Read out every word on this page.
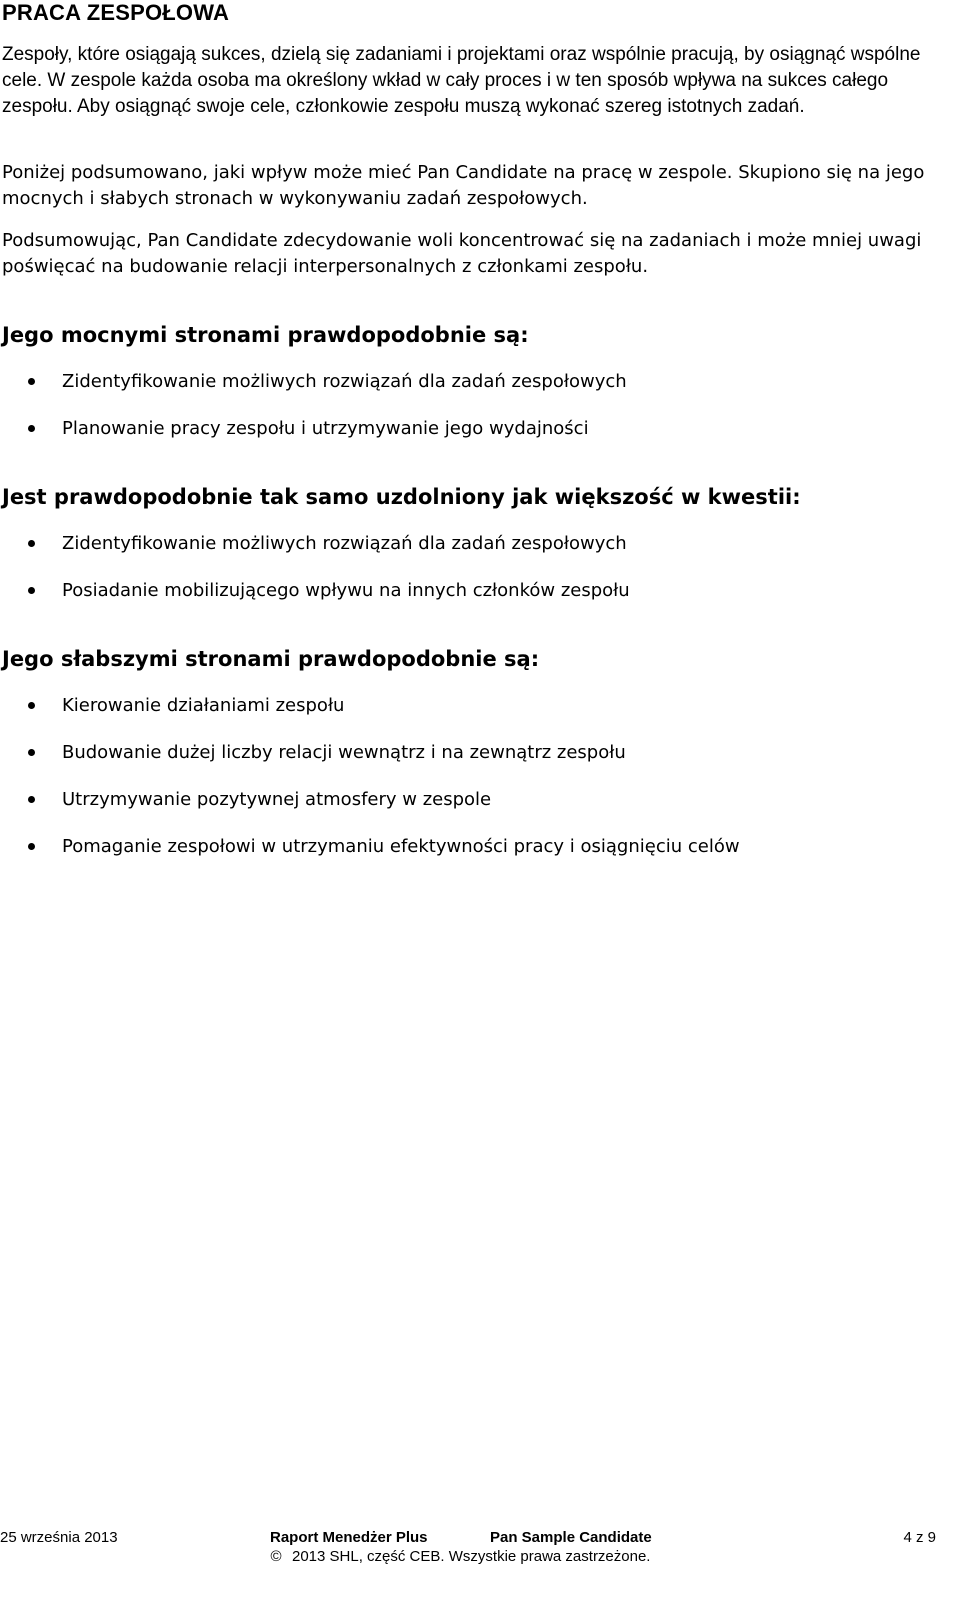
PRACA ZESPOŁOWA

Zespoły, które osiągają sukces, dzielą się zadaniami i projektami oraz wspólnie pracują, by osiągnąć wspólne cele. W zespole każda osoba ma określony wkład w cały proces i w ten sposób wpływa na sukces całego zespołu. Aby osiągnąć swoje cele, członkowie zespołu muszą wykonać szereg istotnych zadań.

Poniżej podsumowano, jaki wpływ może mieć Pan Candidate na pracę w zespole. Skupiono się na jego mocnych i słabych stronach w wykonywaniu zadań zespołowych.

Podsumowując, Pan Candidate zdecydowanie woli koncentrować się na zadaniach i może mniej uwagi poświęcać na budowanie relacji interpersonalnych z członkami zespołu.

Jego mocnymi stronami prawdopodobnie są:
Zidentyfikowanie możliwych rozwiązań dla zadań zespołowych
Planowanie pracy zespołu i utrzymywanie jego wydajności
Jest prawdopodobnie tak samo uzdolniony jak większość w kwestii:
Zidentyfikowanie możliwych rozwiązań dla zadań zespołowych
Posiadanie mobilizującego wpływu na innych członków zespołu
Jego słabszymi stronami prawdopodobnie są:
Kierowanie działaniami zespołu
Budowanie dużej liczby relacji wewnątrz i na zewnątrz zespołu
Utrzymywanie pozytywnej atmosfery w zespole
Pomaganie zespołowi w utrzymaniu efektywności pracy i osiągnięciu celów
25 września 2013	Raport Menedżer Plus	Pan Sample Candidate	4 z 9
© 2013 SHL, część CEB. Wszystkie prawa zastrzeżone.
